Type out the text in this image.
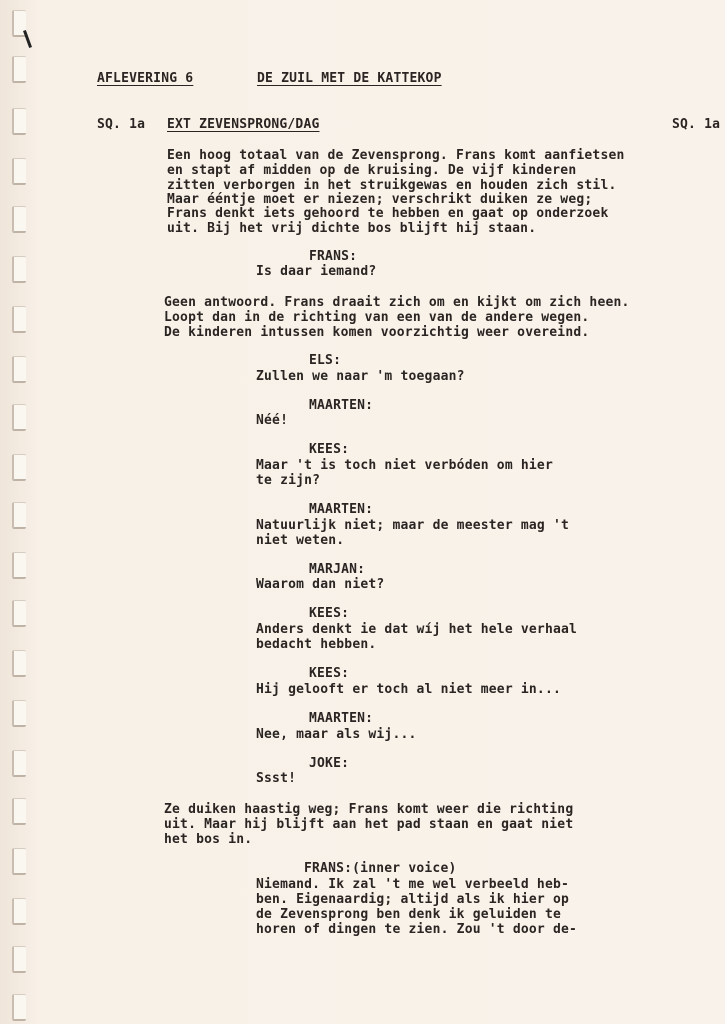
AFLEVERING 6	DE ZUIL MET DE KATTEKOP
SQ. 1a EXT ZEVENSPRONG/DAG	SQ. 1a
Een hoog totaal van de Zevensprong. Frans komt aanfietsen
en stapt af midden op de kruising. De vijf kinderen
zitten verborgen in het struikgewas en houden zich stil.
Maar ééntje moet er niezen; verschrikt duiken ze weg;
Frans denkt iets gehoord te hebben en gaat op onderzoek
uit. Bij het vrij dichte bos blijft hij staan.
FRANS:
Is daar iemand?
Geen antwoord. Frans draait zich om en kijkt om zich heen.
Loopt dan in de richting van een van de andere wegen.
De kinderen intussen komen voorzichtig weer overeind.
ELS:
Zullen we naar 'm toegaan?
MAARTEN:
Néé!
KEES:
Maar 't is toch niet verbóden om hier
te zijn?
MAARTEN:
Natuurlijk niet; maar de meester mag 't
niet weten.
MARJAN:
Waarom dan niet?
KEES:
Anders denkt ie dat wíj het hele verhaal
bedacht hebben.
KEES:
Hij gelooft er toch al niet meer in...
MAARTEN:
Nee, maar als wij...
JOKE:
Ssst!
Ze duiken haastig weg; Frans komt weer die richting
uit. Maar hij blijft aan het pad staan en gaat niet
het bos in.
FRANS:(inner voice)
Niemand. Ik zal 't me wel verbeeld heb-
ben. Eigenaardig; altijd als ik hier op
de Zevensprong ben denk ik geluiden te
horen of dingen te zien. Zou 't door de-
